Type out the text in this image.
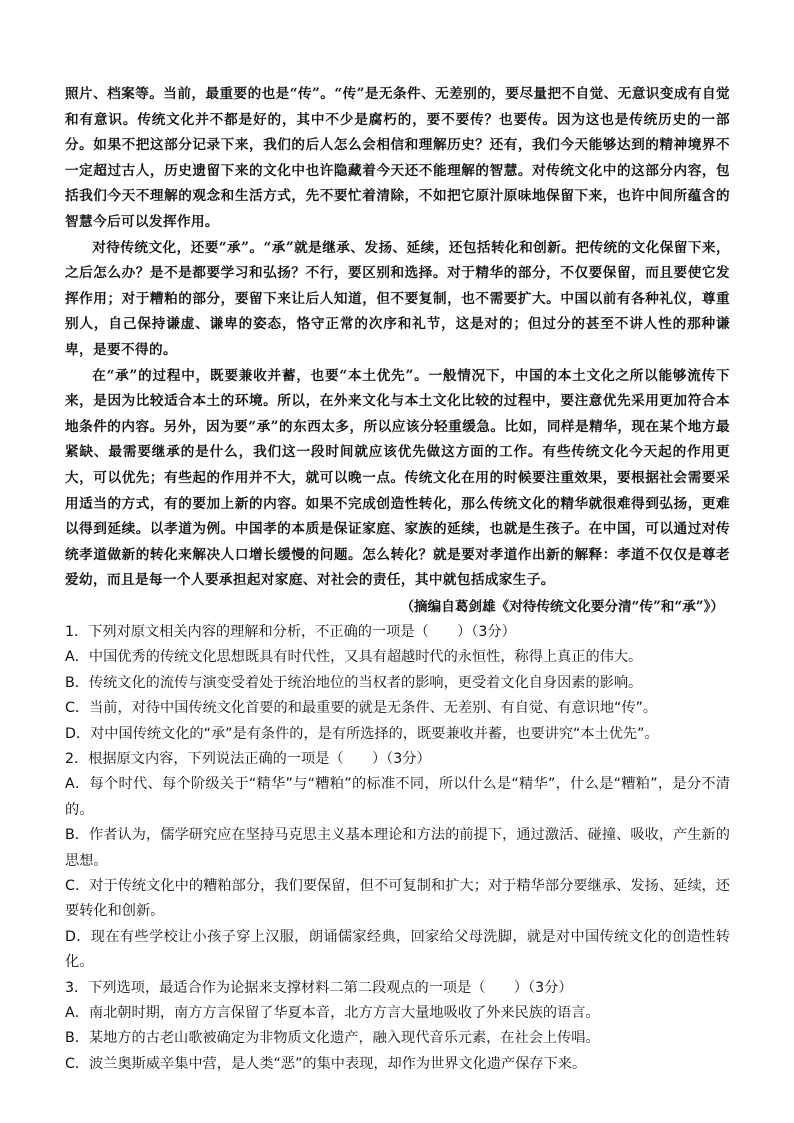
照片、档案等。当前，最重要的也是“传”。“传”是无条件、无差别的，要尽量把不自觉、无意识变成有自觉和有意识。传统文化并不都是好的，其中不少是腐朽的，要不要传？也要传。因为这也是传统历史的一部分。如果不把这部分记录下来，我们的后人怎么会相信和理解历史？还有，我们今天能够达到的精神境界不一定超过古人，历史遗留下来的文化中也许隐藏着今天还不能理解的智慧。对传统文化中的这部分内容，包括我们今天不理解的观念和生活方式，先不要忙着清除，不如把它原汁原味地保留下来，也许中间所蕴含的智慧今后可以发挥作用。

对待传统文化，还要“承”。“承”就是继承、发扬、延续，还包括转化和创新。把传统的文化保留下来，之后怎么办？是不是都要学习和弘扬？不行，要区别和选择。对于精华的部分，不仅要保留，而且要使它发挥作用；对于糟粕的部分，要留下来让后人知道，但不要复制，也不需要扩大。中国以前有各种礼仪，尊重别人，自己保持谦虚、谦卑的姿态，恪守正常的次序和礼节，这是对的；但过分的甚至不讲人性的那种谦卑，是要不得的。

在“承”的过程中，既要兼收并蓄，也要“本土优先”。一般情况下，中国的本土文化之所以能够流传下来，是因为比较适合本土的环境。所以，在外来文化与本土文化比较的过程中，要注意优先采用更加符合本地条件的内容。另外，因为要“承”的东西太多，所以应该分轻重缓急。比如，同样是精华，现在某个地方最紧缺、最需要继承的是什么，我们这一段时间就应该优先做这方面的工作。有些传统文化今天起的作用更大，可以优先；有些起的作用并不大，就可以晚一点。传统文化在用的时候要注重效果，要根据社会需要采用适当的方式，有的要加上新的内容。如果不完成创造性转化，那么传统文化的精华就很难得到弘扬，更难以得到延续。以孝道为例。中国孝的本质是保证家庭、家族的延续，也就是生孩子。在中国，可以通过对传统孝道做新的转化来解决人口增长缓慢的问题。怎么转化？就是要对孝道作出新的解释：孝道不仅仅是尊老爱幼，而且是每一个人要承担起对家庭、对社会的责任，其中就包括成家生子。

（摘编自葛剑雄《对待传统文化要分清“传”和“承”》）

1．下列对原文相关内容的理解和分析，不正确的一项是（　　）（3分）

A．中国优秀的传统文化思想既具有时代性，又具有超越时代的永恒性，称得上真正的伟大。

B．传统文化的流传与演变受着处于统治地位的当权者的影响，更受着文化自身因素的影响。

C．当前，对待中国传统文化首要的和最重要的就是无条件、无差别、有自觉、有意识地“传”。

D．对中国传统文化的“承”是有条件的，是有所选择的，既要兼收并蓄，也要讲究“本土优先”。

2．根据原文内容，下列说法正确的一项是（　　）（3分）

A．每个时代、每个阶级关于“精华”与“糟粕”的标准不同，所以什么是“精华”，什么是“糟粕”，是分不清的。

B．作者认为，儒学研究应在坚持马克思主义基本理论和方法的前提下，通过激活、碰撞、吸收，产生新的思想。

C．对于传统文化中的糟粕部分，我们要保留，但不可复制和扩大；对于精华部分要继承、发扬、延续，还要转化和创新。

D．现在有些学校让小孩子穿上汉服，朗诵儒家经典，回家给父母洗脚，就是对中国传统文化的创造性转化。

3．下列选项，最适合作为论据来支撑材料二第二段观点的一项是（　　）（3分）

A．南北朝时期，南方方言保留了华夏本音，北方方言大量地吸收了外来民族的语言。

B．某地方的古老山歌被确定为非物质文化遗产，融入现代音乐元素，在社会上传唱。

C．波兰奥斯威辛集中营，是人类“恶”的集中表现，却作为世界文化遗产保存下来。
